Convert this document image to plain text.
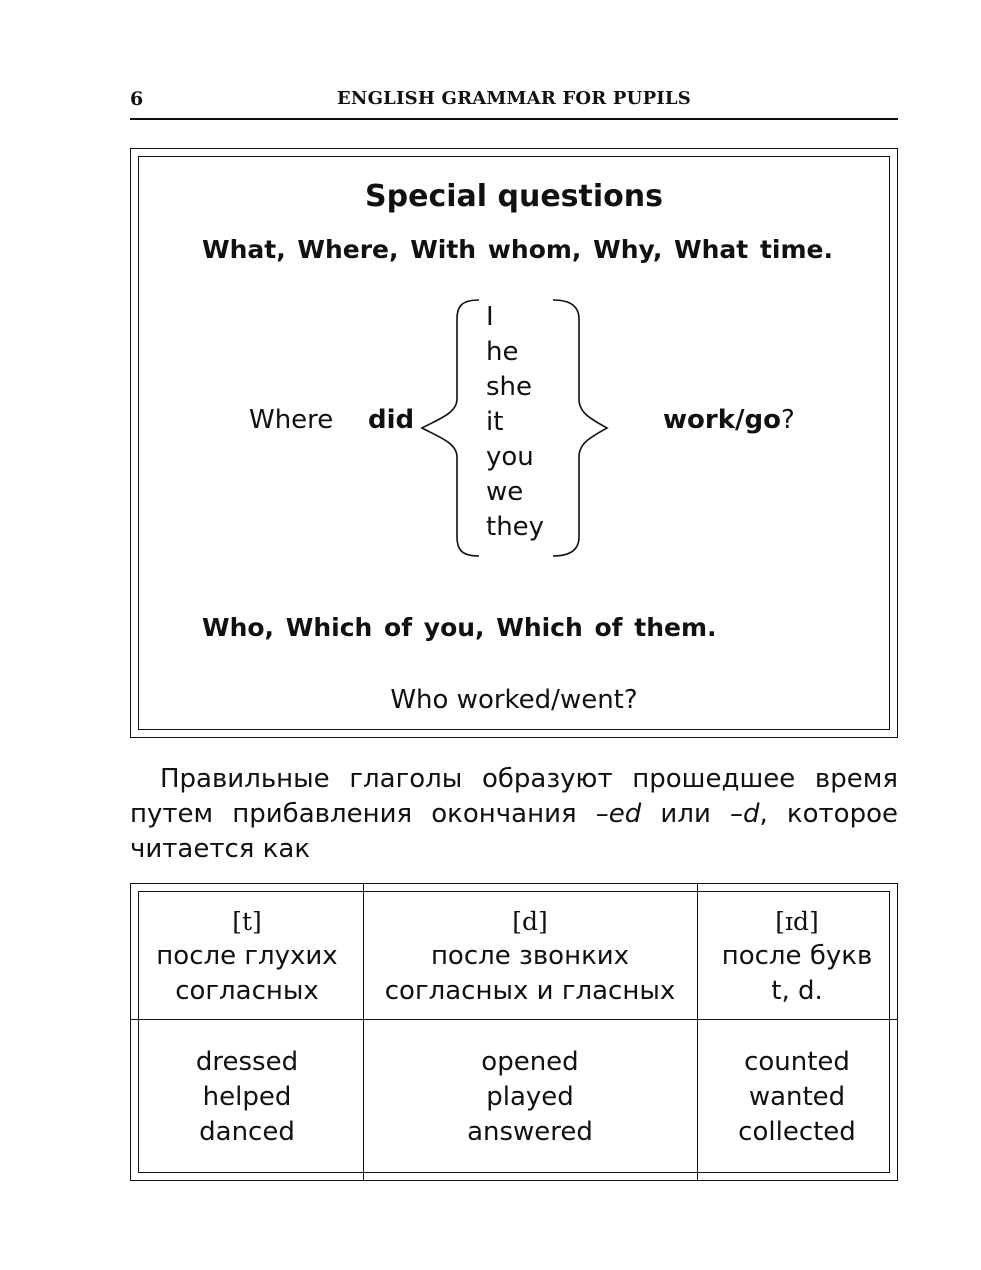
6	ENGLISH GRAMMAR FOR PUPILS
Special questions
What, Where, With whom, Why, What time.
Where did
I
he
she
it
you
we
they
work/go?
Who, Which of you, Which of them.
Who worked/went?

Правильные глаголы образуют прошедшее время путем прибавления окончания –ed или –d, которое читается как

[t]
после глухих
согласных
[d]
после звонких
согласных и гласных
[ɪd]
после букв
t, d.
dressed
helped
danced
opened
played
answered
counted
wanted
collected
